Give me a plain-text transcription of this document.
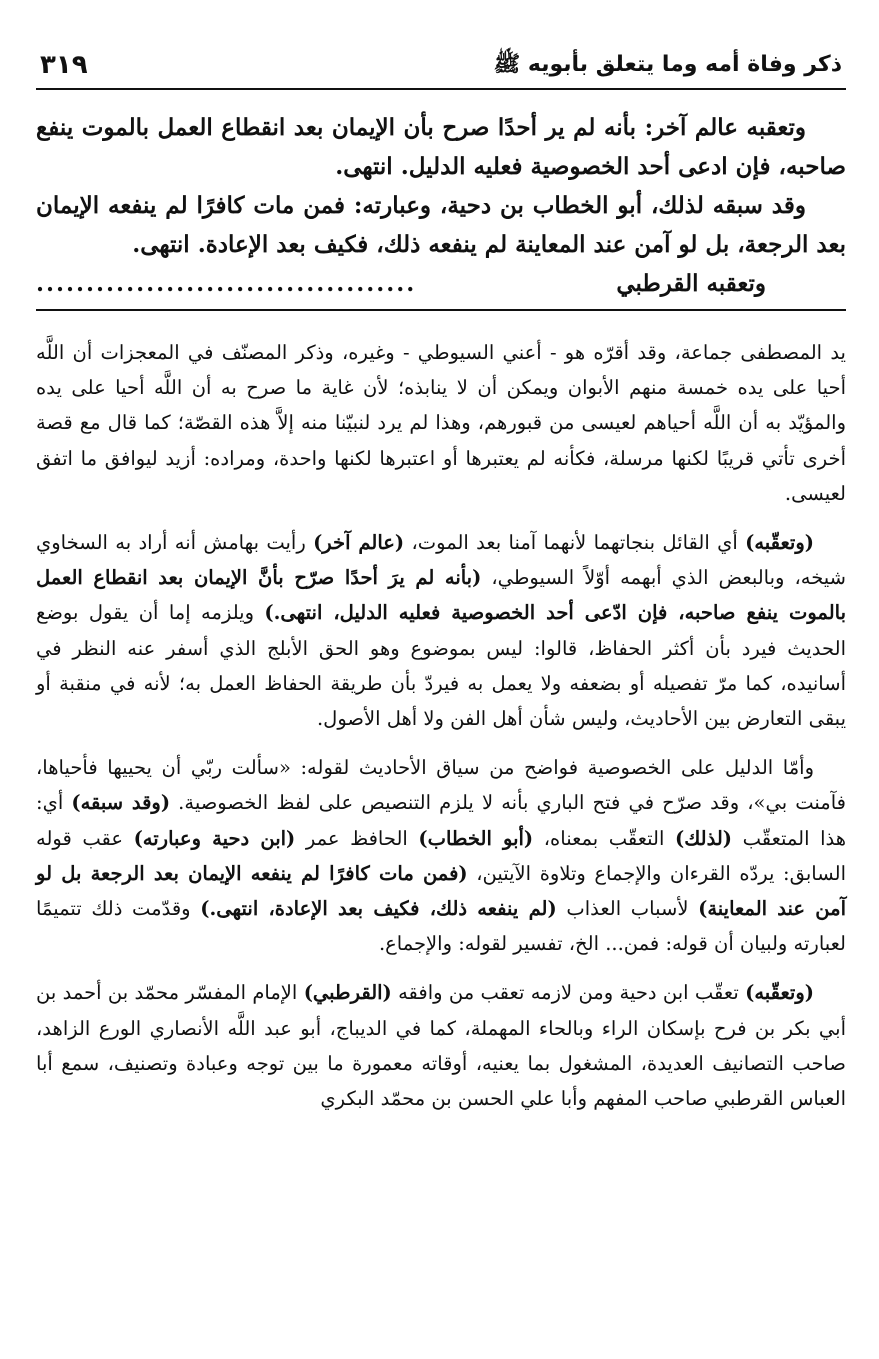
ذكر وفاة أمه وما يتعلق بأبويه ﷺ
٣١٩

وتعقبه عالم آخر: بأنه لم ير أحدًا صرح بأن الإيمان بعد انقطاع العمل بالموت ينفع صاحبه، فإن ادعى أحد الخصوصية فعليه الدليل. انتهى.

وقد سبقه لذلك، أبو الخطاب بن دحية، وعبارته: فمن مات كافرًا لم ينفعه الإيمان بعد الرجعة، بل لو آمن عند المعاينة لم ينفعه ذلك، فكيف بعد الإعادة. انتهى.

وتعقبه القرطبي
......................................

يد المصطفى جماعة، وقد أقرّه هو - أعني السيوطي - وغيره، وذكر المصنّف في المعجزات أن اللَّه أحيا على يده خمسة منهم الأبوان ويمكن أن لا ينابذه؛ لأن غاية ما صرح به أن اللَّه أحيا على يده والمؤيّد به أن اللَّه أحياهم لعيسى من قبورهم، وهذا لم يرد لنبيّنا منه إلاَّ هذه القصّة؛ كما قال مع قصة أخرى تأتي قريبًا لكنها مرسلة، فكأنه لم يعتبرها أو اعتبرها لكنها واحدة، ومراده: أزيد ليوافق ما اتفق لعيسى.

(وتعقّبه) أي القائل بنجاتهما لأنهما آمنا بعد الموت، (عالم آخر) رأيت بهامش أنه أراد به السخاوي شيخه، وبالبعض الذي أبهمه أوّلاً السيوطي، (بأنه لم يرَ أحدًا صرّح بأنَّ الإيمان بعد انقطاع العمل بالموت ينفع صاحبه، فإن ادّعى أحد الخصوصية فعليه الدليل، انتهى.) ويلزمه إما أن يقول بوضع الحديث فيرد بأن أكثر الحفاظ، قالوا: ليس بموضوع وهو الحق الأبلج الذي أسفر عنه النظر في أسانيده، كما مرّ تفصيله أو بضعفه ولا يعمل به فيردّ بأن طريقة الحفاظ العمل به؛ لأنه في منقبة أو يبقى التعارض بين الأحاديث، وليس شأن أهل الفن ولا أهل الأصول.

وأمّا الدليل على الخصوصية فواضح من سياق الأحاديث لقوله: «سألت ربّي أن يحييها فأحياها، فآمنت بي»، وقد صرّح في فتح الباري بأنه لا يلزم التنصيص على لفظ الخصوصية. (وقد سبقه) أي: هذا المتعقّب (لذلك) التعقّب بمعناه، (أبو الخطاب) الحافظ عمر (ابن دحية وعبارته) عقب قوله السابق: يردّه القرءان والإجماع وتلاوة الآيتين، (فمن مات كافرًا لم ينفعه الإيمان بعد الرجعة بل لو آمن عند المعاينة) لأسباب العذاب (لم ينفعه ذلك، فكيف بعد الإعادة، انتهى.) وقدّمت ذلك تتميمًا لعبارته ولبيان أن قوله: فمن... الخ، تفسير لقوله: والإجماع.

(وتعقّبه) تعقّب ابن دحية ومن لازمه تعقب من وافقه (القرطبي) الإمام المفسّر محمّد بن أحمد بن أبي بكر بن فرح بإسكان الراء وبالحاء المهملة، كما في الديباج، أبو عبد اللَّه الأنصاري الورع الزاهد، صاحب التصانيف العديدة، المشغول بما يعنيه، أوقاته معمورة ما بين توجه وعبادة وتصنيف، سمع أبا العباس القرطبي صاحب المفهم وأبا علي الحسن بن محمّد البكري
